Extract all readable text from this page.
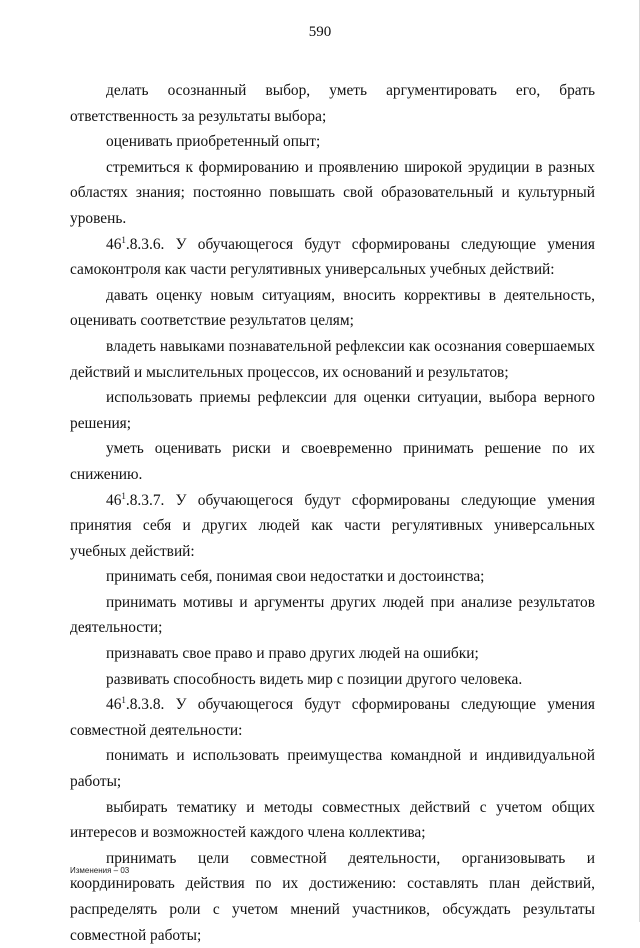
590

делать осознанный выбор, уметь аргументировать его, брать ответственность за результаты выбора;

оценивать приобретенный опыт;

стремиться к формированию и проявлению широкой эрудиции в разных областях знания; постоянно повышать свой образовательный и культурный уровень.

$46^1.8.3.6$. У обучающегося будут сформированы следующие умения самоконтроля как части регулятивных универсальных учебных действий:

давать оценку новым ситуациям, вносить коррективы в деятельность, оценивать соответствие результатов целям;

владеть навыками познавательной рефлексии как осознания совершаемых действий и мыслительных процессов, их оснований и результатов;

использовать приемы рефлексии для оценки ситуации, выбора верного решения;

уметь оценивать риски и своевременно принимать решение по их снижению.

$46^1.8.3.7$. У обучающегося будут сформированы следующие умения принятия себя и других людей как части регулятивных универсальных учебных действий:

принимать себя, понимая свои недостатки и достоинства;

принимать мотивы и аргументы других людей при анализе результатов деятельности;

признавать свое право и право других людей на ошибки;

развивать способность видеть мир с позиции другого человека.

$46^1.8.3.8$. У обучающегося будут сформированы следующие умения совместной деятельности:

понимать и использовать преимущества командной и индивидуальной работы;

выбирать тематику и методы совместных действий с учетом общих интересов и возможностей каждого члена коллектива;

принимать цели совместной деятельности, организовывать и координировать действия по их достижению: составлять план действий, распределять роли с учетом мнений участников, обсуждать результаты совместной работы;

Изменения – 03
